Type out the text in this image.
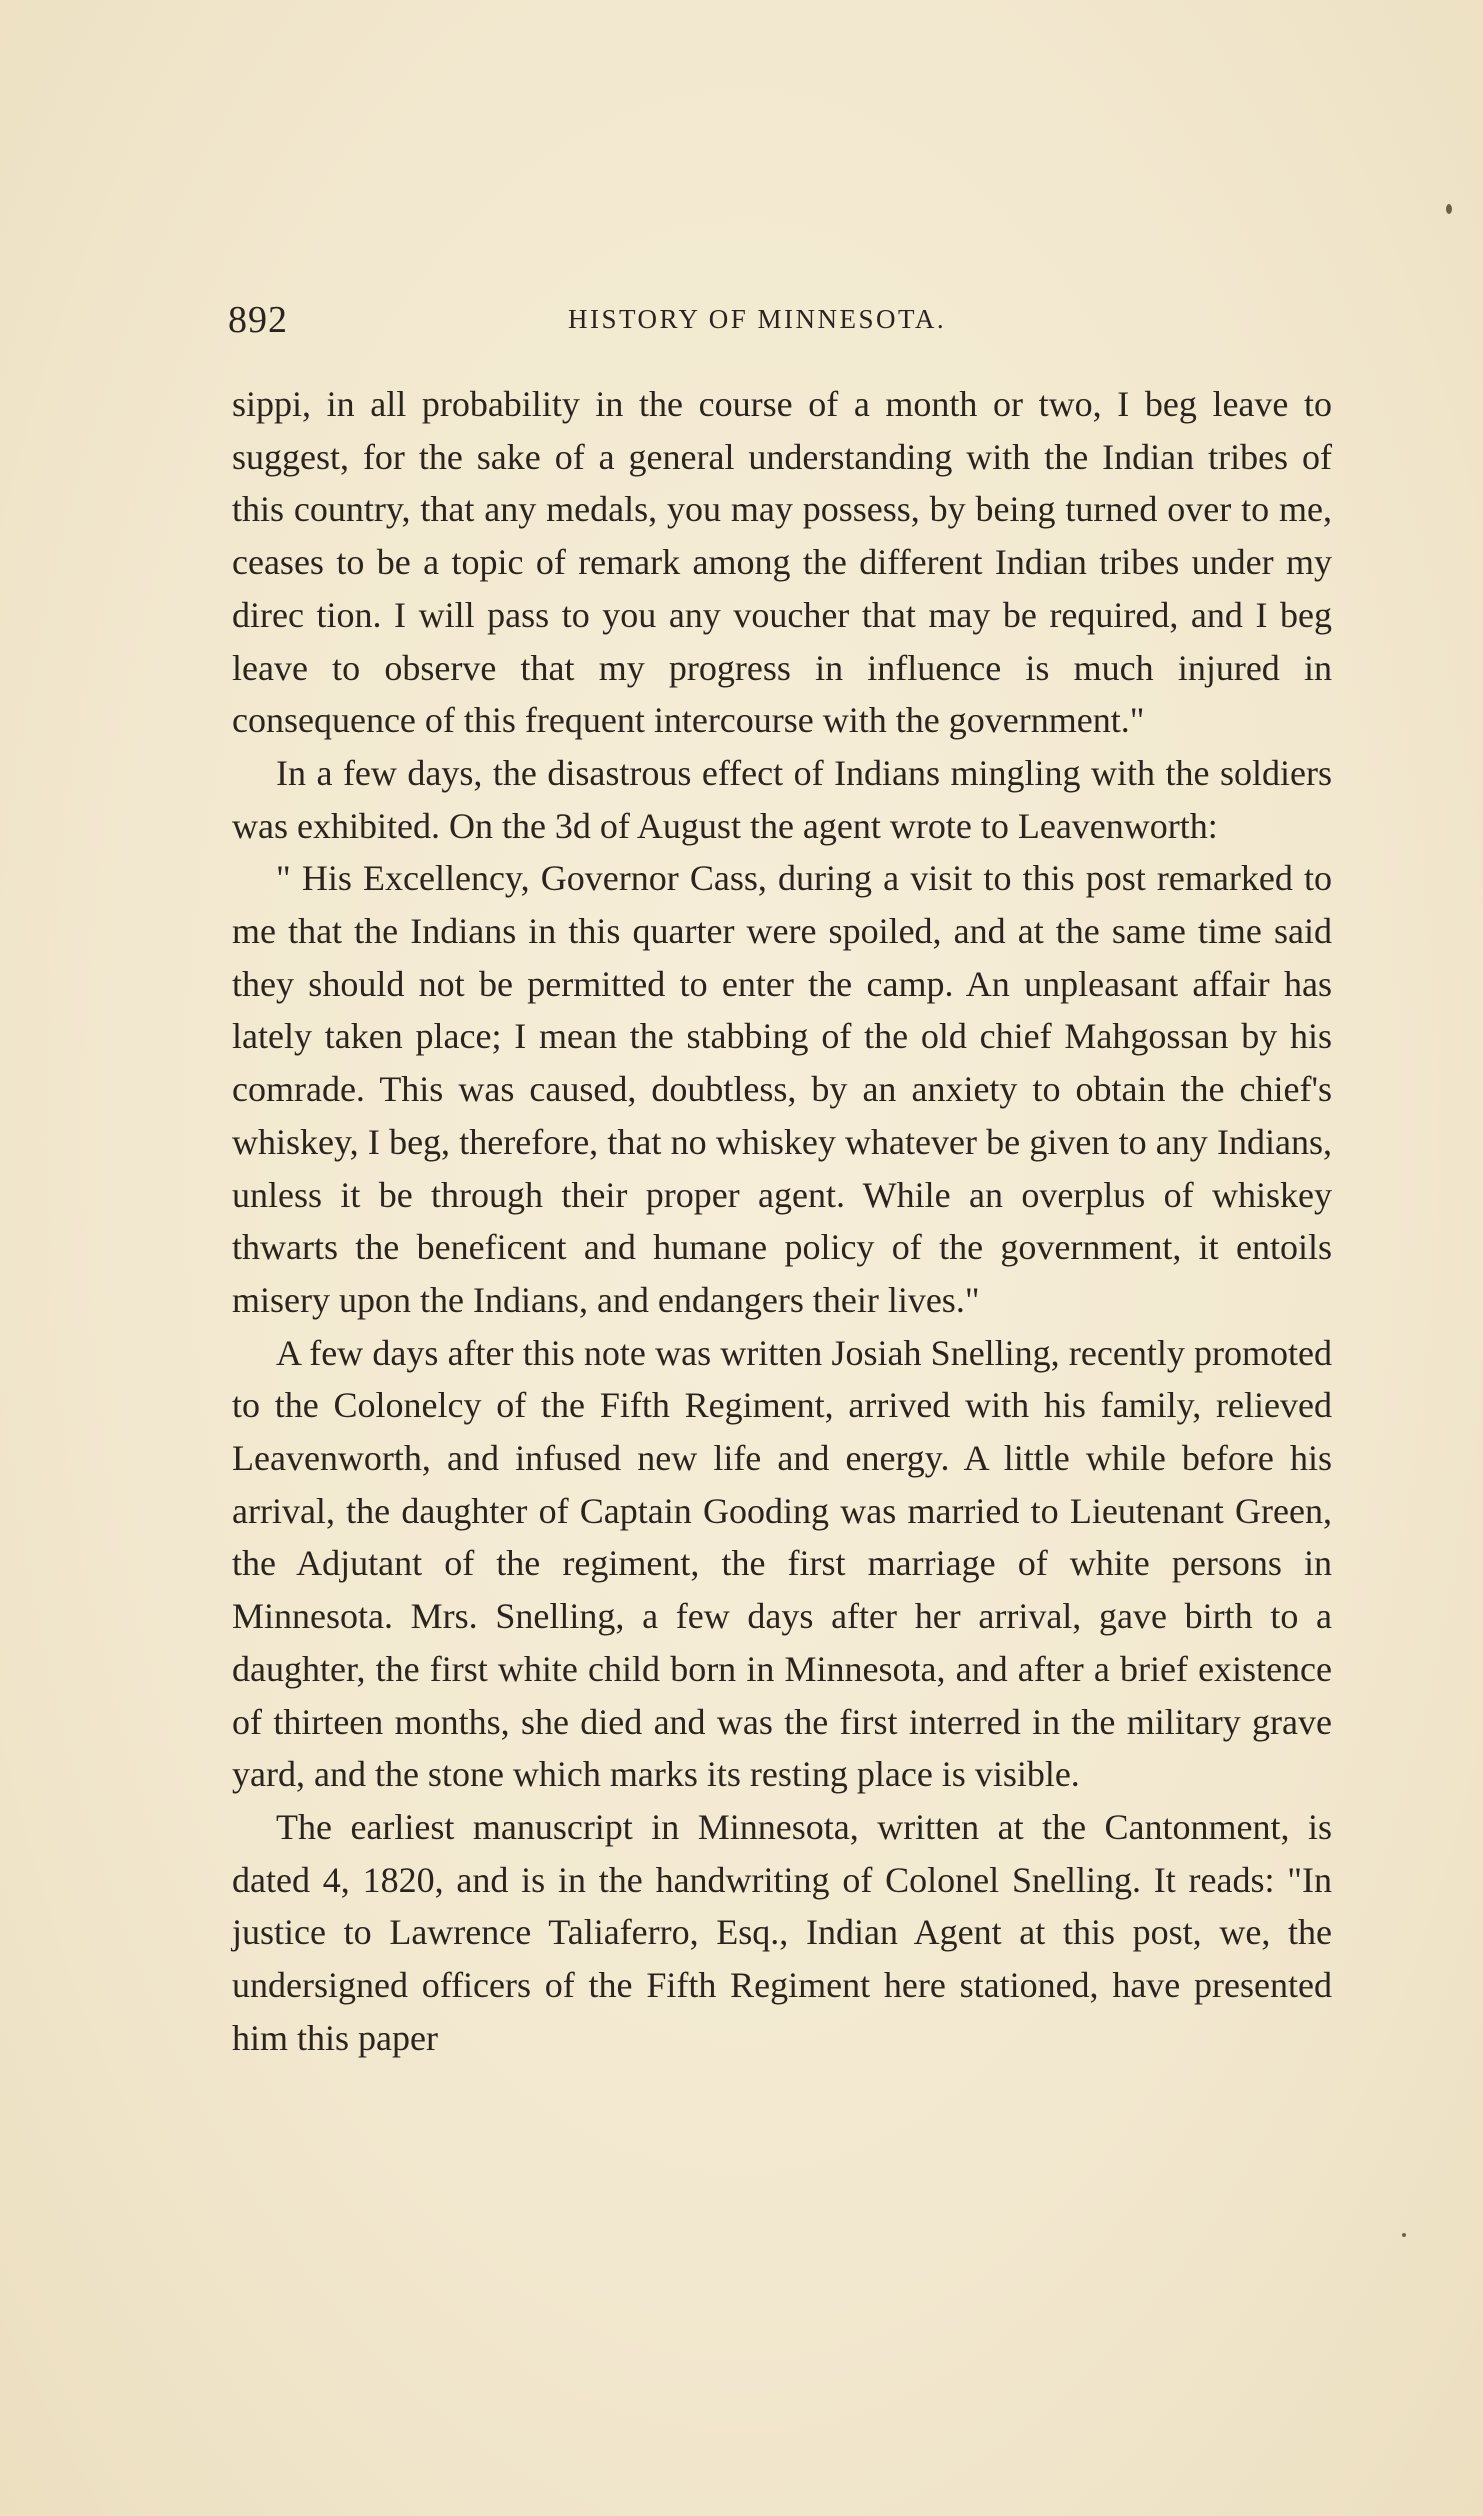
892	HISTORY OF MINNESOTA.

sippi, in all probability in the course of a month or two, I beg leave to suggest, for the sake of a general understanding with the Indian tribes of this country, that any medals, you may possess, by being turned over to me, ceases to be a topic of remark among the different Indian tribes under my direc tion. I will pass to you any voucher that may be required, and I beg leave to observe that my progress in influence is much injured in consequence of this frequent intercourse with the government."

In a few days, the disastrous effect of Indians mingling with the soldiers was exhibited. On the 3d of August the agent wrote to Leavenworth:

" His Excellency, Governor Cass, during a visit to this post remarked to me that the Indians in this quarter were spoiled, and at the same time said they should not be permitted to enter the camp. An unpleasant affair has lately taken place; I mean the stabbing of the old chief Mahgossan by his comrade. This was caused, doubtless, by an anxiety to obtain the chief's whiskey, I beg, therefore, that no whiskey whatever be given to any Indians, unless it be through their proper agent. While an overplus of whiskey thwarts the beneficent and humane policy of the government, it entoils misery upon the Indians, and endangers their lives."

A few days after this note was written Josiah Snelling, recently promoted to the Colonelcy of the Fifth Regiment, arrived with his family, relieved Leavenworth, and infused new life and energy. A little while before his arrival, the daughter of Captain Gooding was married to Lieutenant Green, the Adjutant of the regiment, the first marriage of white persons in Minnesota. Mrs. Snelling, a few days after her arrival, gave birth to a daughter, the first white child born in Minnesota, and after a brief existence of thirteen months, she died and was the first interred in the military grave yard, and the stone which marks its resting place is visible.

The earliest manuscript in Minnesota, written at the Cantonment, is dated 4, 1820, and is in the handwriting of Colonel Snelling. It reads: "In justice to Lawrence Taliaferro, Esq., Indian Agent at this post, we, the undersigned officers of the Fifth Regiment here stationed, have presented him this paper
